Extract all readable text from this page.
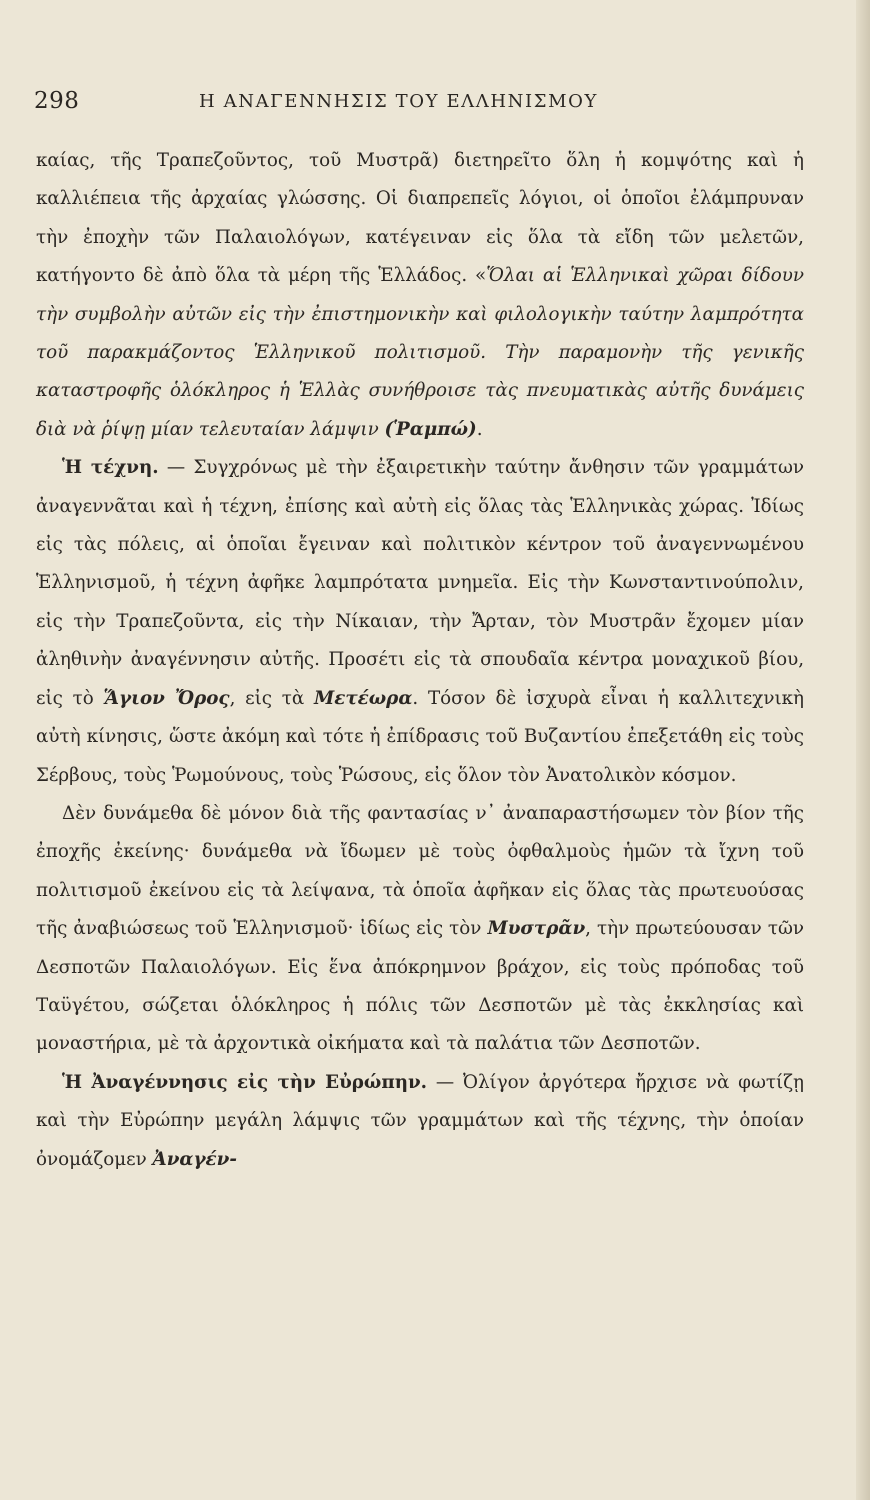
298	Η ΑΝΑΓΕΝΝΗΣΙΣ ΤΟΥ ΕΛΛΗΝΙΣΜΟΥ

καίας, τῆς Τραπεζοῦντος, τοῦ Μυστρᾶ) διετηρεῖτο ὅλη ἡ κομψότης καὶ ἡ καλλιέπεια τῆς ἀρχαίας γλώσσης. Οἱ διαπρεπεῖς λόγιοι, οἱ ὁποῖοι ἐλάμπρυναν τὴν ἐποχὴν τῶν Παλαιολόγων, κατέγειναν εἰς ὅλα τὰ εἴδη τῶν μελετῶν, κατήγοντο δὲ ἀπὸ ὅλα τὰ μέρη τῆς Ἑλλάδος. «Ὅλαι αἱ Ἑλληνικαὶ χῶραι δίδουν τὴν συμβολὴν αὐτῶν εἰς τὴν ἐπιστημονικὴν καὶ φιλολογικὴν ταύτην λαμπρότητα τοῦ παρακμάζοντος Ἑλληνικοῦ πολιτισμοῦ. Τὴν παραμονὴν τῆς γενικῆς καταστροφῆς ὁλόκληρος ἡ Ἑλλὰς συνήθροισε τὰς πνευματικὰς αὐτῆς δυνάμεις διὰ νὰ ῥίψῃ μίαν τελευταίαν λάμψιν (Ῥαμπώ).

Ἡ τέχνη. — Συγχρόνως μὲ τὴν ἐξαιρετικὴν ταύτην ἄνθησιν τῶν γραμμάτων ἀναγεννᾶται καὶ ἡ τέχνη, ἐπίσης καὶ αὐτὴ εἰς ὅλας τὰς Ἑλληνικὰς χώρας. Ἰδίως εἰς τὰς πόλεις, αἱ ὁποῖαι ἔγειναν καὶ πολιτικὸν κέντρον τοῦ ἀναγεννωμένου Ἑλληνισμοῦ, ἡ τέχνη ἀφῆκε λαμπρότατα μνημεῖα. Εἰς τὴν Κωνσταντινούπολιν, εἰς τὴν Τραπεζοῦντα, εἰς τὴν Νίκαιαν, τὴν Ἄρταν, τὸν Μυστρᾶν ἔχομεν μίαν ἀληθινὴν ἀναγέννησιν αὐτῆς. Προσέτι εἰς τὰ σπουδαῖα κέντρα μοναχικοῦ βίου, εἰς τὸ Ἅγιον Ὄρος, εἰς τὰ Μετέωρα. Τόσον δὲ ἰσχυρὰ εἶναι ἡ καλλιτεχνικὴ αὐτὴ κίνησις, ὥστε ἀκόμη καὶ τότε ἡ ἐπίδρασις τοῦ Βυζαντίου ἐπεξετάθη εἰς τοὺς Σέρβους, τοὺς Ῥωμούνους, τοὺς Ῥώσους, εἰς ὅλον τὸν Ἀνατολικὸν κόσμον.

Δὲν δυνάμεθα δὲ μόνον διὰ τῆς φαντασίας ν᾿ ἀναπαραστήσωμεν τὸν βίον τῆς ἐποχῆς ἐκείνης· δυνάμεθα νὰ ἴδωμεν μὲ τοὺς ὀφθαλμοὺς ἡμῶν τὰ ἴχνη τοῦ πολιτισμοῦ ἐκείνου εἰς τὰ λείψανα, τὰ ὁποῖα ἀφῆκαν εἰς ὅλας τὰς πρωτευούσας τῆς ἀναβιώσεως τοῦ Ἑλληνισμοῦ· ἰδίως εἰς τὸν Μυστρᾶν, τὴν πρωτεύουσαν τῶν Δεσποτῶν Παλαιολόγων. Εἰς ἕνα ἀπόκρημνον βράχον, εἰς τοὺς πρόποδας τοῦ Ταϋγέτου, σώζεται ὁλόκληρος ἡ πόλις τῶν Δεσποτῶν μὲ τὰς ἐκκλησίας καὶ μοναστήρια, μὲ τὰ ἀρχοντικὰ οἰκήματα καὶ τὰ παλάτια τῶν Δεσποτῶν.

Ἡ Ἀναγέννησις εἰς τὴν Εὐρώπην. — Ὀλίγον ἀργότερα ἤρχισε νὰ φωτίζῃ καὶ τὴν Εὐρώπην μεγάλη λάμψις τῶν γραμμάτων καὶ τῆς τέχνης, τὴν ὁποίαν ὀνομάζομεν Ἀναγέν-
